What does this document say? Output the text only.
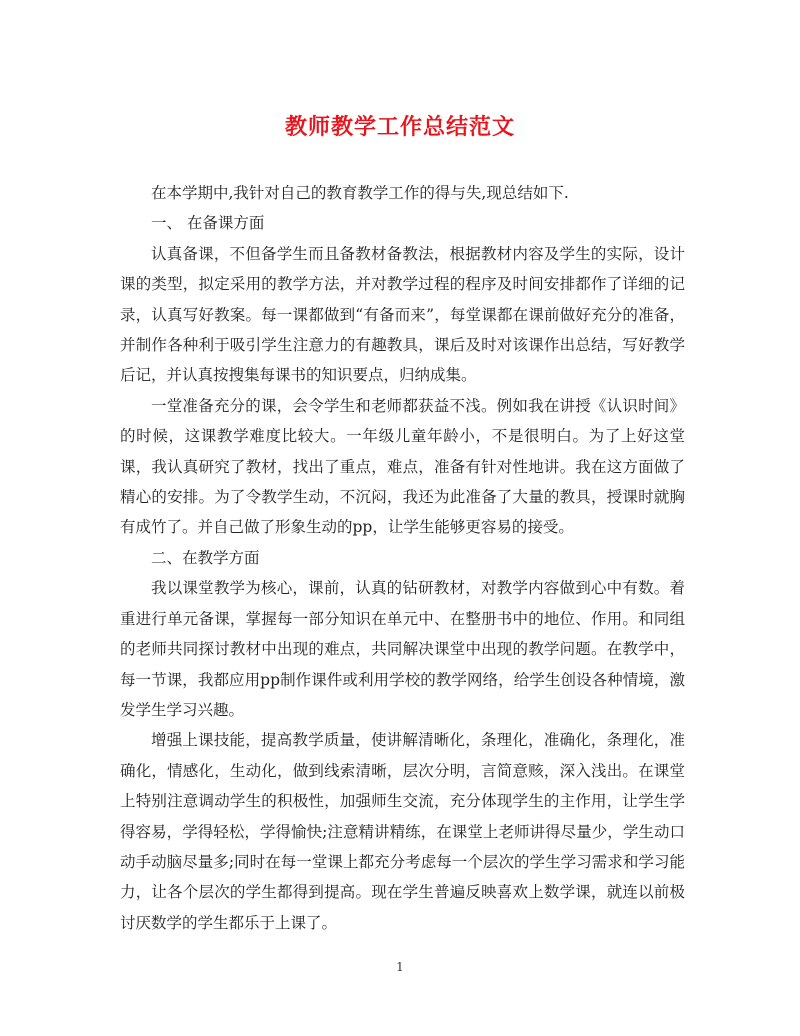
教师教学工作总结范文

在本学期中,我针对自己的教育教学工作的得与失,现总结如下.

一、 在备课方面

认真备课，不但备学生而且备教材备教法，根据教材内容及学生的实际，设计课的类型，拟定采用的教学方法，并对教学过程的程序及时间安排都作了详细的记录，认真写好教案。每一课都做到“有备而来”，每堂课都在课前做好充分的准备，并制作各种利于吸引学生注意力的有趣教具，课后及时对该课作出总结，写好教学后记，并认真按搜集每课书的知识要点，归纳成集。

一堂准备充分的课，会令学生和老师都获益不浅。例如我在讲授《认识时间》的时候，这课教学难度比较大。一年级儿童年龄小，不是很明白。为了上好这堂课，我认真研究了教材，找出了重点，难点，准备有针对性地讲。我在这方面做了精心的安排。为了令教学生动，不沉闷，我还为此准备了大量的教具，授课时就胸有成竹了。并自己做了形象生动的pp，让学生能够更容易的接受。

二、在教学方面

我以课堂教学为核心，课前，认真的钻研教材，对教学内容做到心中有数。着重进行单元备课，掌握每一部分知识在单元中、在整册书中的地位、作用。和同组的老师共同探讨教材中出现的难点，共同解决课堂中出现的教学问题。在教学中，每一节课，我都应用pp制作课件或利用学校的教学网络，给学生创设各种情境，激发学生学习兴趣。

增强上课技能，提高教学质量，使讲解清晰化，条理化，准确化，条理化，准确化，情感化，生动化，做到线索清晰，层次分明，言简意赅，深入浅出。在课堂上特别注意调动学生的积极性，加强师生交流，充分体现学生的主作用，让学生学得容易，学得轻松，学得愉快;注意精讲精练，在课堂上老师讲得尽量少，学生动口动手动脑尽量多;同时在每一堂课上都充分考虑每一个层次的学生学习需求和学习能力，让各个层次的学生都得到提高。现在学生普遍反映喜欢上数学课，就连以前极讨厌数学的学生都乐于上课了。

1
